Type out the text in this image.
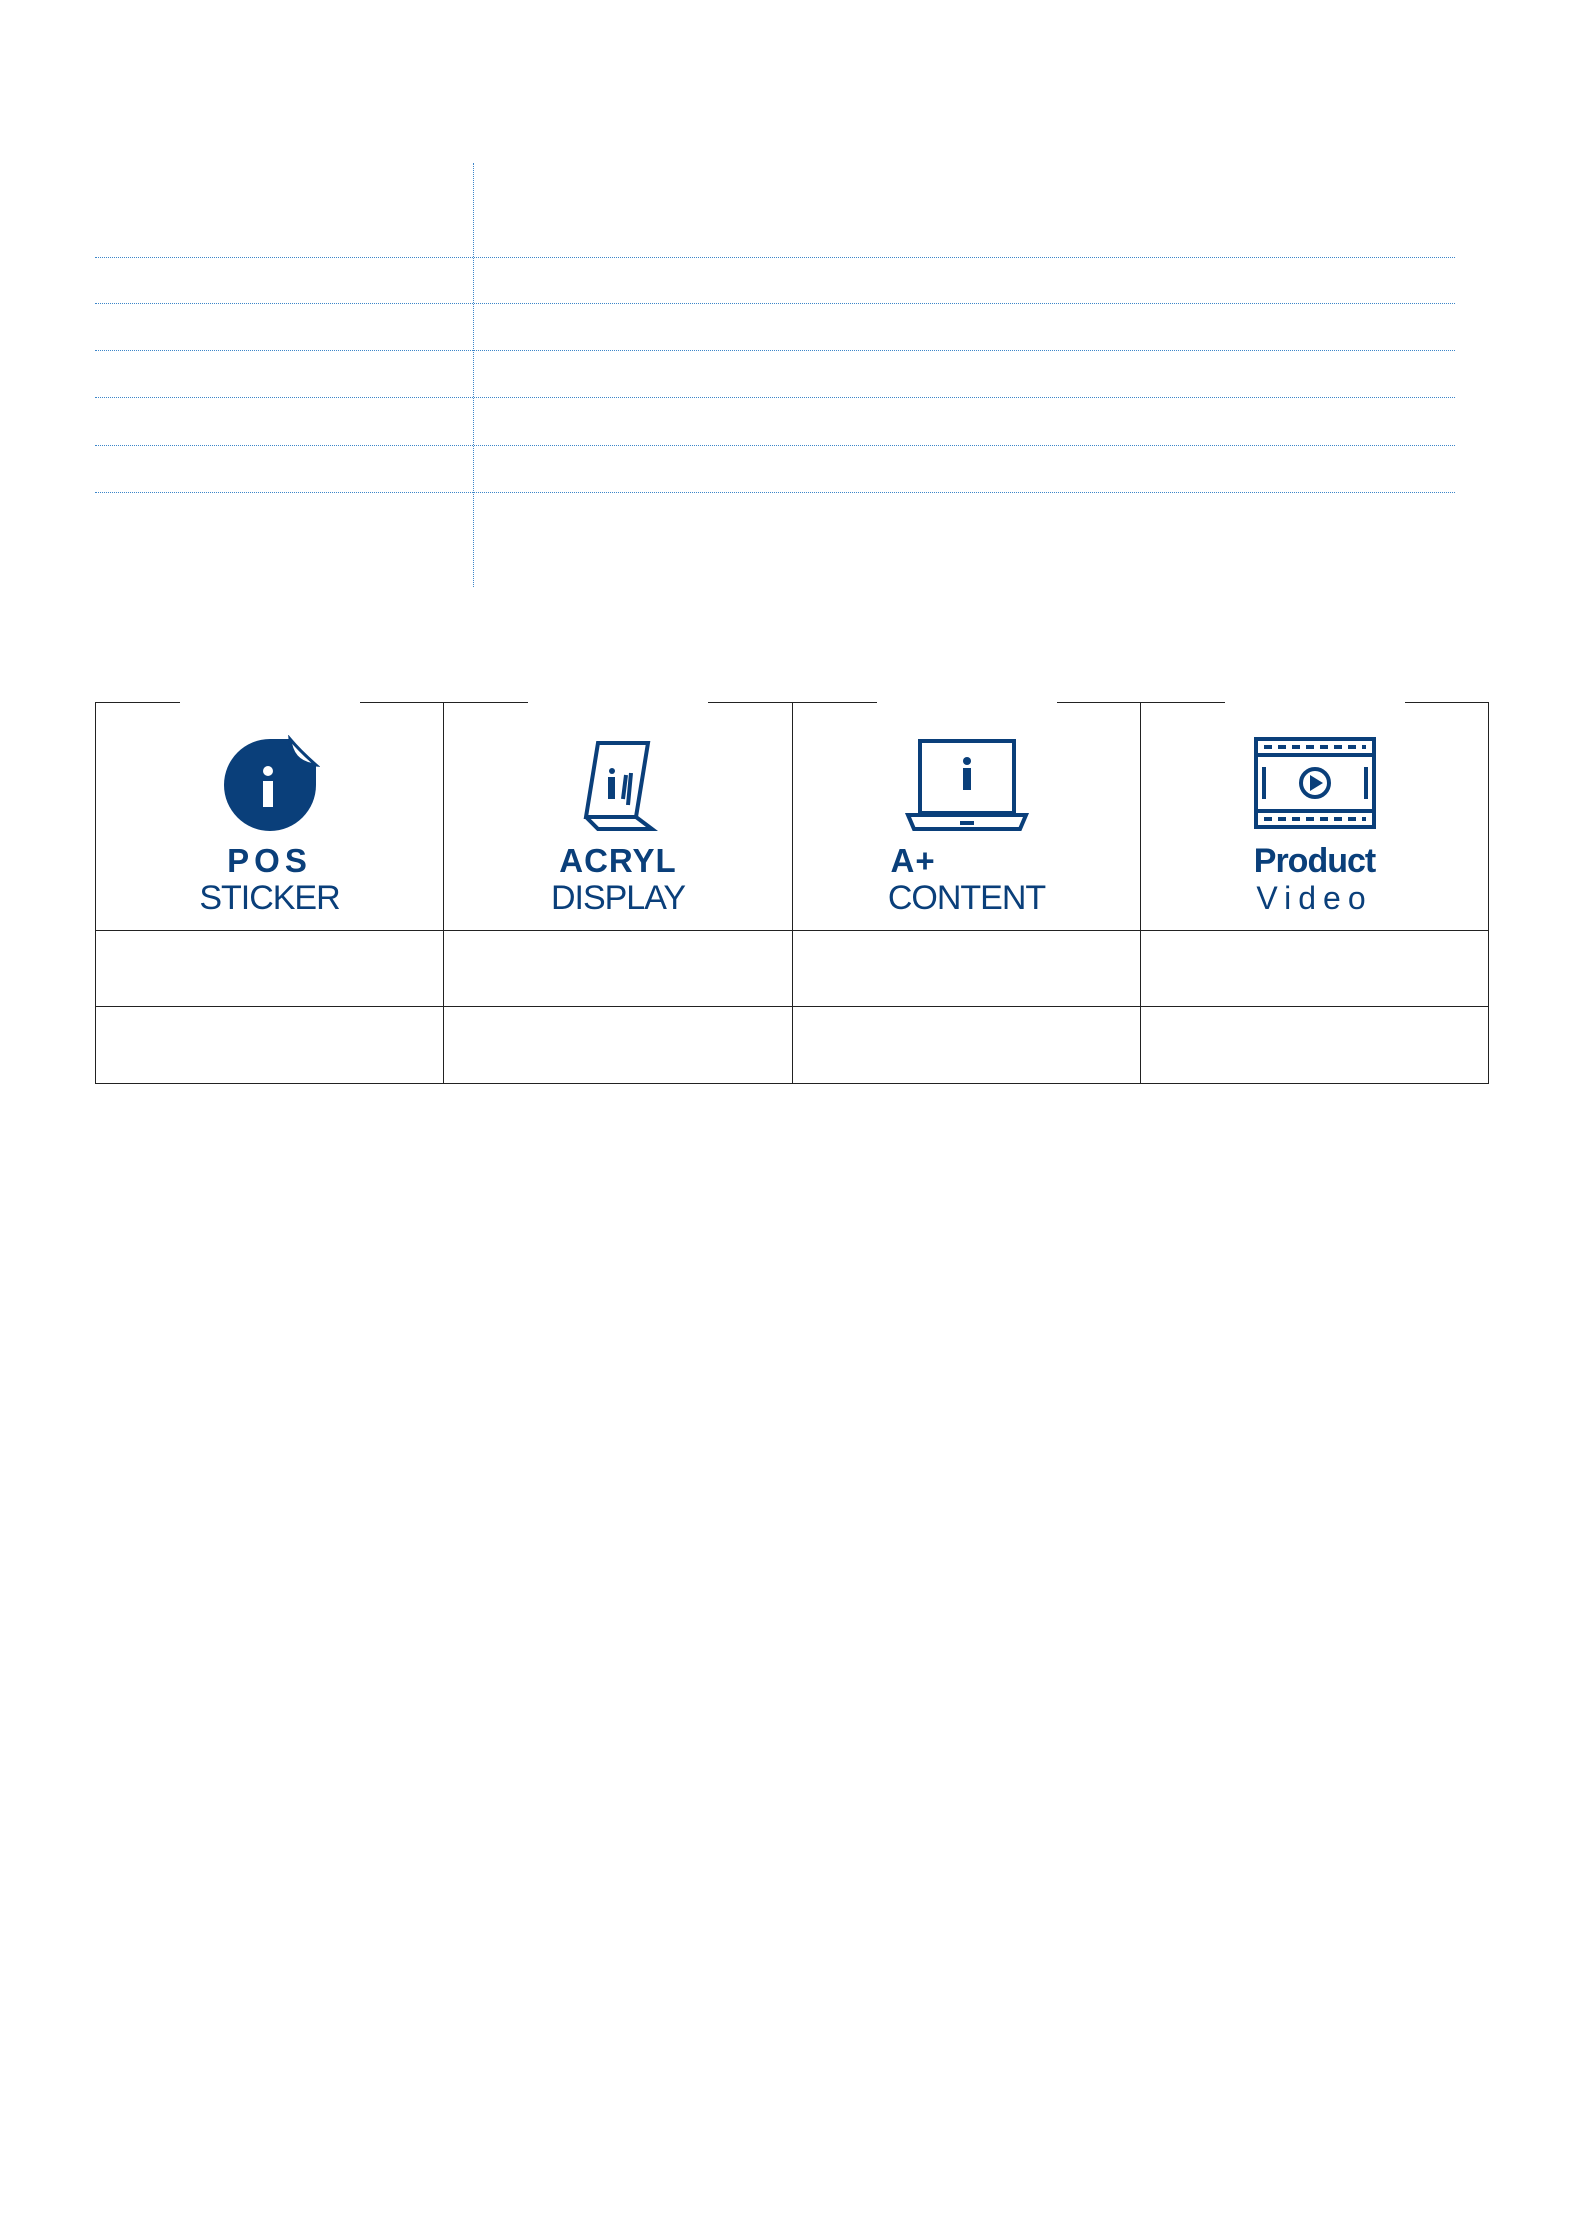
POS
STICKER
ACRYL
DISPLAY
A+
CONTENT
Product
Video
